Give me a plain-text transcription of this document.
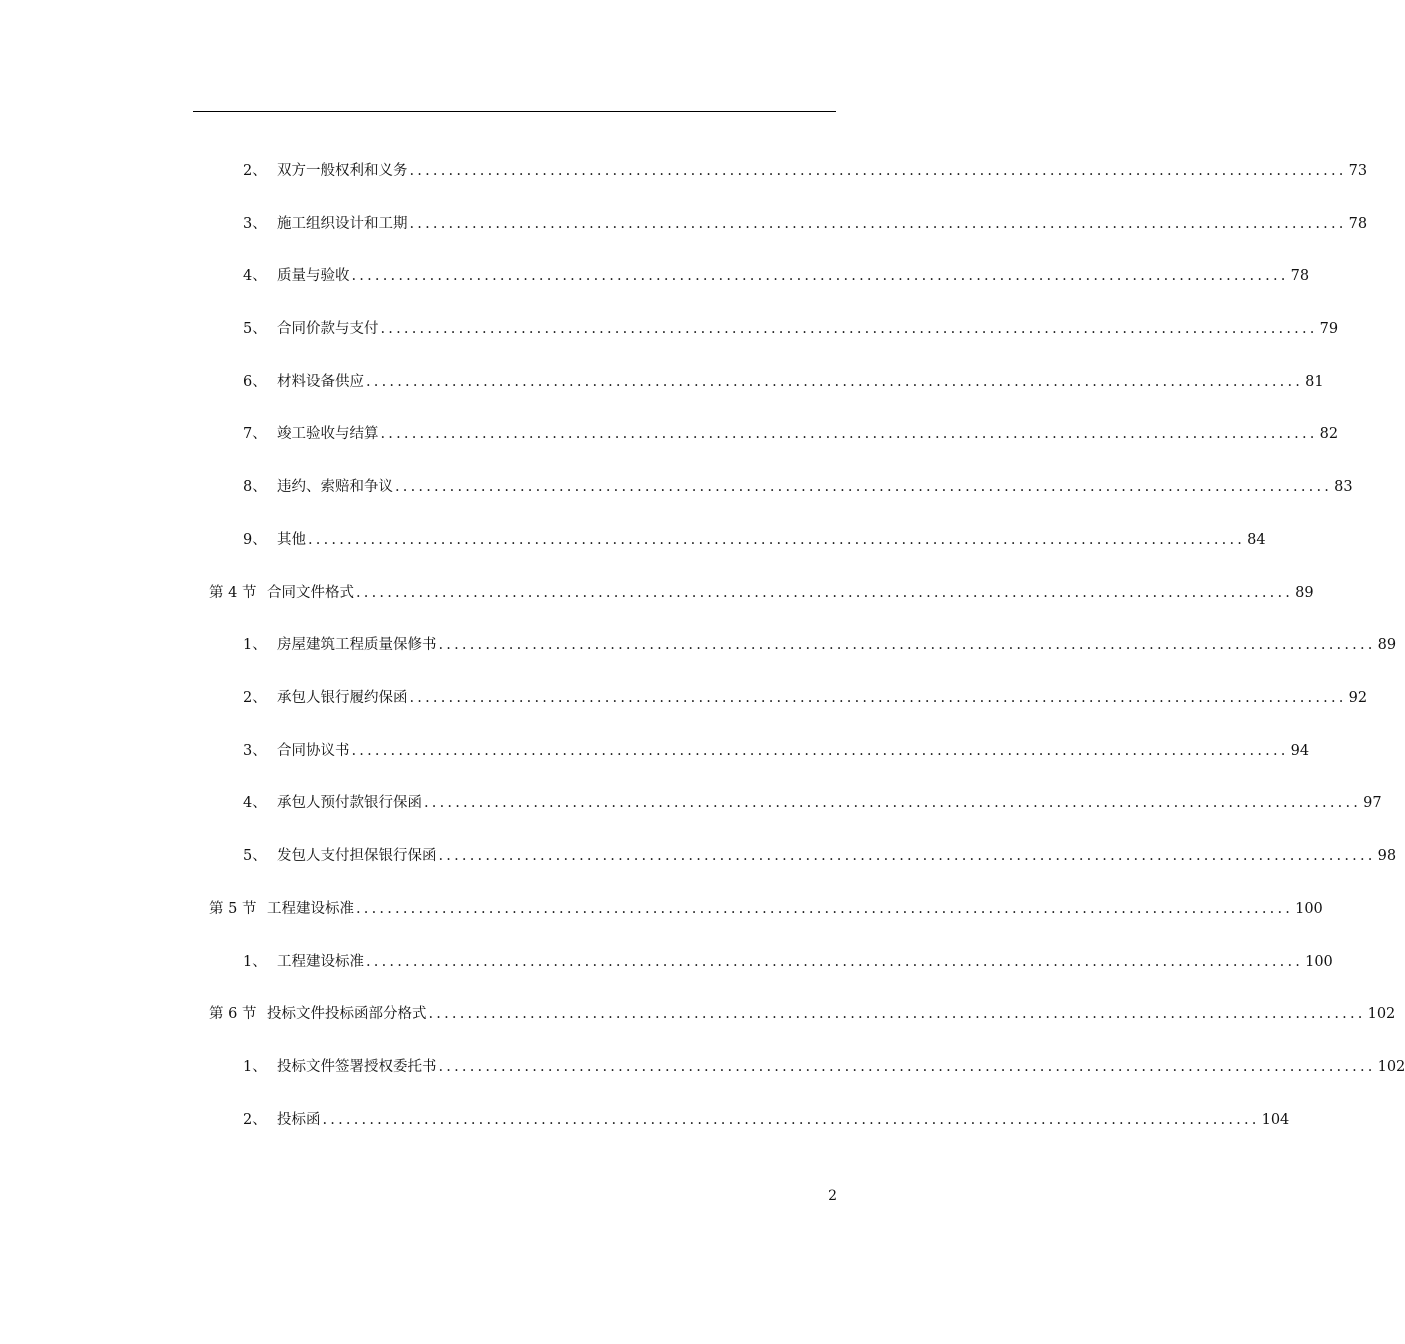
2、 双方一般权利和义务 ........................................................................................................................ 73
3、 施工组织设计和工期 ........................................................................................................................ 78
4、 质量与验收 ........................................................................................................................ 78
5、 合同价款与支付 ........................................................................................................................ 79
6、 材料设备供应 ........................................................................................................................ 81
7、 竣工验收与结算 ........................................................................................................................ 82
8、 违约、索赔和争议 ........................................................................................................................ 83
9、 其他 ........................................................................................................................ 84
第 4 节 合同文件格式 ........................................................................................................................ 89
1、 房屋建筑工程质量保修书 ........................................................................................................................ 89
2、 承包人银行履约保函 ........................................................................................................................ 92
3、 合同协议书 ........................................................................................................................ 94
4、 承包人预付款银行保函 ........................................................................................................................ 97
5、 发包人支付担保银行保函 ........................................................................................................................ 98
第 5 节 工程建设标准 ........................................................................................................................ 100
1、 工程建设标准 ........................................................................................................................ 100
第 6 节 投标文件投标函部分格式 ........................................................................................................................ 102
1、 投标文件签署授权委托书 ........................................................................................................................ 102
2、 投标函 ........................................................................................................................ 104
2
